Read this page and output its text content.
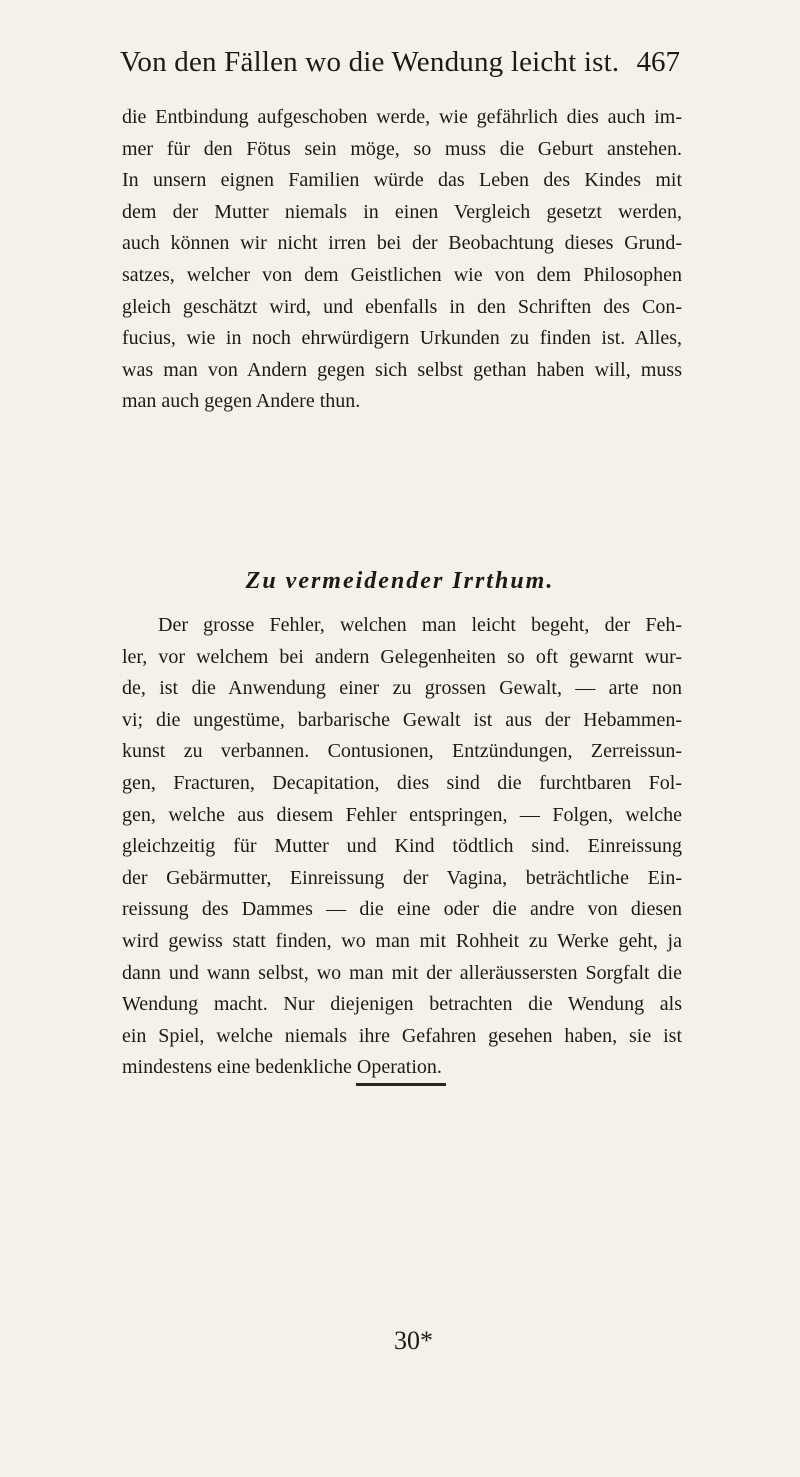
Von den Fällen wo die Wendung leicht ist. 467
die Entbindung aufgeschoben werde, wie gefährlich dies auch im-
mer für den Fötus sein möge, so muss die Geburt anstehen.
In unsern eignen Familien würde das Leben des Kindes mit
dem der Mutter niemals in einen Vergleich gesetzt werden,
auch können wir nicht irren bei der Beobachtung dieses Grund-
satzes, welcher von dem Geistlichen wie von dem Philosophen
gleich geschätzt wird, und ebenfalls in den Schriften des Con-
fucius, wie in noch ehrwürdigern Urkunden zu finden ist. Alles,
was man von Andern gegen sich selbst gethan haben will, muss
man auch gegen Andere thun.
Zu vermeidender Irrthum.
Der grosse Fehler, welchen man leicht begeht, der Feh-
ler, vor welchem bei andern Gelegenheiten so oft gewarnt wur-
de, ist die Anwendung einer zu grossen Gewalt, — arte non
vi; die ungestüme, barbarische Gewalt ist aus der Hebammen-
kunst zu verbannen. Contusionen, Entzündungen, Zerreissun-
gen, Fracturen, Decapitation, dies sind die furchtbaren Fol-
gen, welche aus diesem Fehler entspringen, — Folgen, welche
gleichzeitig für Mutter und Kind tödtlich sind. Einreissung
der Gebärmutter, Einreissung der Vagina, beträchtliche Ein-
reissung des Dammes — die eine oder die andre von diesen
wird gewiss statt finden, wo man mit Rohheit zu Werke geht, ja
dann und wann selbst, wo man mit der alleräussersten Sorgfalt die
Wendung macht. Nur diejenigen betrachten die Wendung als
ein Spiel, welche niemals ihre Gefahren gesehen haben, sie ist
mindestens eine bedenkliche Operation.
30*
